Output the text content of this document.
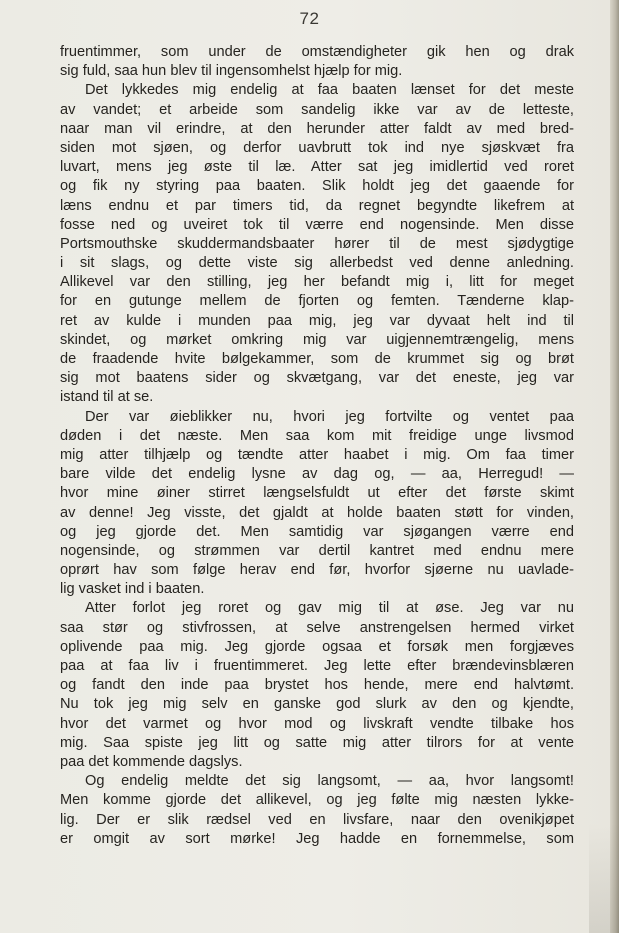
72
fruentimmer, som under de omstændigheter gik hen og drak
sig fuld, saa hun blev til ingensomhelst hjælp for mig.
Det lykkedes mig endelig at faa baaten lænset for det meste
av vandet; et arbeide som sandelig ikke var av de letteste,
naar man vil erindre, at den herunder atter faldt av med bred-
siden mot sjøen, og derfor uavbrutt tok ind nye sjøskvæt fra
luvart, mens jeg øste til læ. Atter sat jeg imidlertid ved roret
og fik ny styring paa baaten. Slik holdt jeg det gaaende for
læns endnu et par timers tid, da regnet begyndte likefrem at
fosse ned og uveiret tok til værre end nogensinde. Men disse
Portsmouthske skuddermandsbaater hører til de mest sjødygtige
i sit slags, og dette viste sig allerbedst ved denne anledning.
Allikevel var den stilling, jeg her befandt mig i, litt for meget
for en gutunge mellem de fjorten og femten. Tænderne klap-
ret av kulde i munden paa mig, jeg var dyvaat helt ind til
skindet, og mørket omkring mig var uigjennemtrængelig, mens
de fraadende hvite bølgekammer, som de krummet sig og brøt
sig mot baatens sider og skvætgang, var det eneste, jeg var
istand til at se.
Der var øieblikker nu, hvori jeg fortvilte og ventet paa
døden i det næste. Men saa kom mit freidige unge livsmod
mig atter tilhjælp og tændte atter haabet i mig. Om faa timer
bare vilde det endelig lysne av dag og, — aa, Herregud! —
hvor mine øiner stirret længselsfuldt ut efter det første skimt
av denne! Jeg visste, det gjaldt at holde baaten støtt for vinden,
og jeg gjorde det. Men samtidig var sjøgangen værre end
nogensinde, og strømmen var dertil kantret med endnu mere
oprørt hav som følge herav end før, hvorfor sjøerne nu uavlade-
lig vasket ind i baaten.
Atter forlot jeg roret og gav mig til at øse. Jeg var nu
saa stør og stivfrossen, at selve anstrengelsen hermed virket
oplivende paa mig. Jeg gjorde ogsaa et forsøk men forgjæves
paa at faa liv i fruentimmeret. Jeg lette efter brændevinsblæren
og fandt den inde paa brystet hos hende, mere end halvtømt.
Nu tok jeg mig selv en ganske god slurk av den og kjendte,
hvor det varmet og hvor mod og livskraft vendte tilbake hos
mig. Saa spiste jeg litt og satte mig atter tilrors for at vente
paa det kommende dagslys.
Og endelig meldte det sig langsomt, — aa, hvor langsomt!
Men komme gjorde det allikevel, og jeg følte mig næsten lykke-
lig. Der er slik rædsel ved en livsfare, naar den ovenikjøpet
er omgit av sort mørke! Jeg hadde en fornemmelse, som
